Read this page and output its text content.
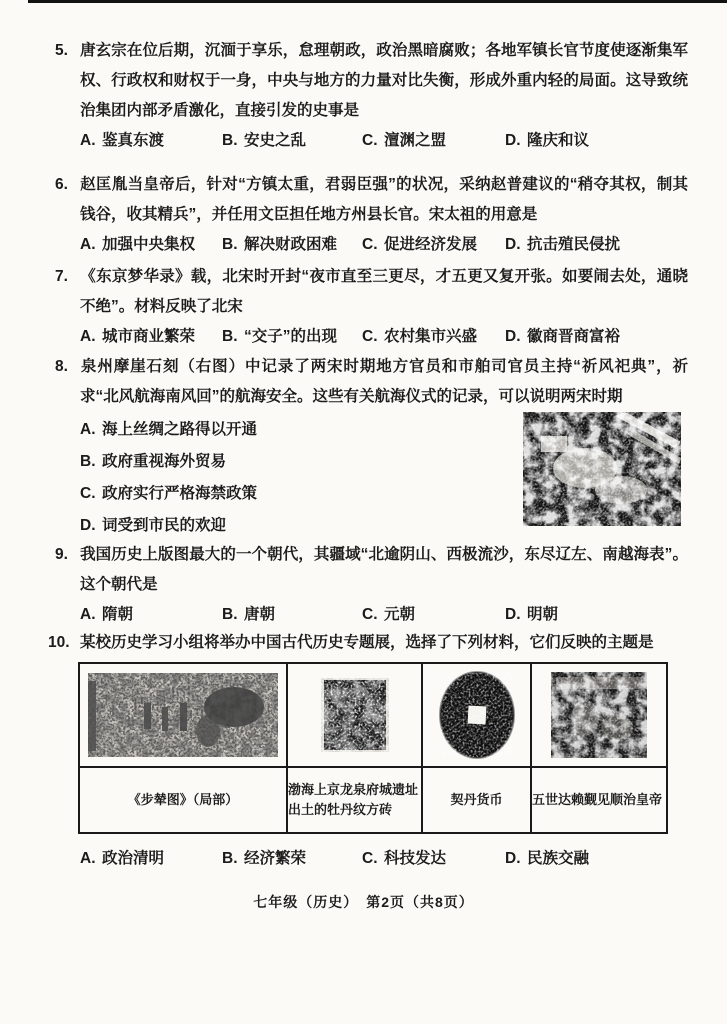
5. 唐玄宗在位后期，沉湎于享乐，怠理朝政，政治黑暗腐败；各地军镇长官节度使逐渐集军权、行政权和财权于一身，中央与地方的力量对比失衡，形成外重内轻的局面。这导致统治集团内部矛盾激化，直接引发的史事是
A. 鉴真东渡	B. 安史之乱	C. 澶渊之盟	D. 隆庆和议
6. 赵匡胤当皇帝后，针对“方镇太重，君弱臣强”的状况，采纳赵普建议的“稍夺其权，制其钱谷，收其精兵”，并任用文臣担任地方州县长官。宋太祖的用意是
A. 加强中央集权	B. 解决财政困难	C. 促进经济发展	D. 抗击殖民侵扰
7. 《东京梦华录》载，北宋时开封“夜市直至三更尽，才五更又复开张。如要闹去处，通晓不绝”。材料反映了北宋
A. 城市商业繁荣	B. “交子”的出现	C. 农村集市兴盛	D. 徽商晋商富裕
8. 泉州摩崖石刻（右图）中记录了两宋时期地方官员和市舶司官员主持“祈风祀典”，祈求“北风航海南风回”的航海安全。这些有关航海仪式的记录，可以说明两宋时期
A. 海上丝绸之路得以开通
B. 政府重视海外贸易
C. 政府实行严格海禁政策
D. 词受到市民的欢迎
9. 我国历史上版图最大的一个朝代，其疆域“北逾阴山、西极流沙，东尽辽左、南越海表”。这个朝代是
A. 隋朝	B. 唐朝	C. 元朝	D. 明朝
10. 某校历史学习小组将举办中国古代历史专题展，选择了下列材料，它们反映的主题是

《步辇图》（局部）	渤海上京龙泉府城遗址出土的牡丹纹方砖	契丹货币	五世达赖觐见顺治皇帝
A. 政治清明	B. 经济繁荣	C. 科技发达	D. 民族交融
七年级（历史）　第2页（共8页）
